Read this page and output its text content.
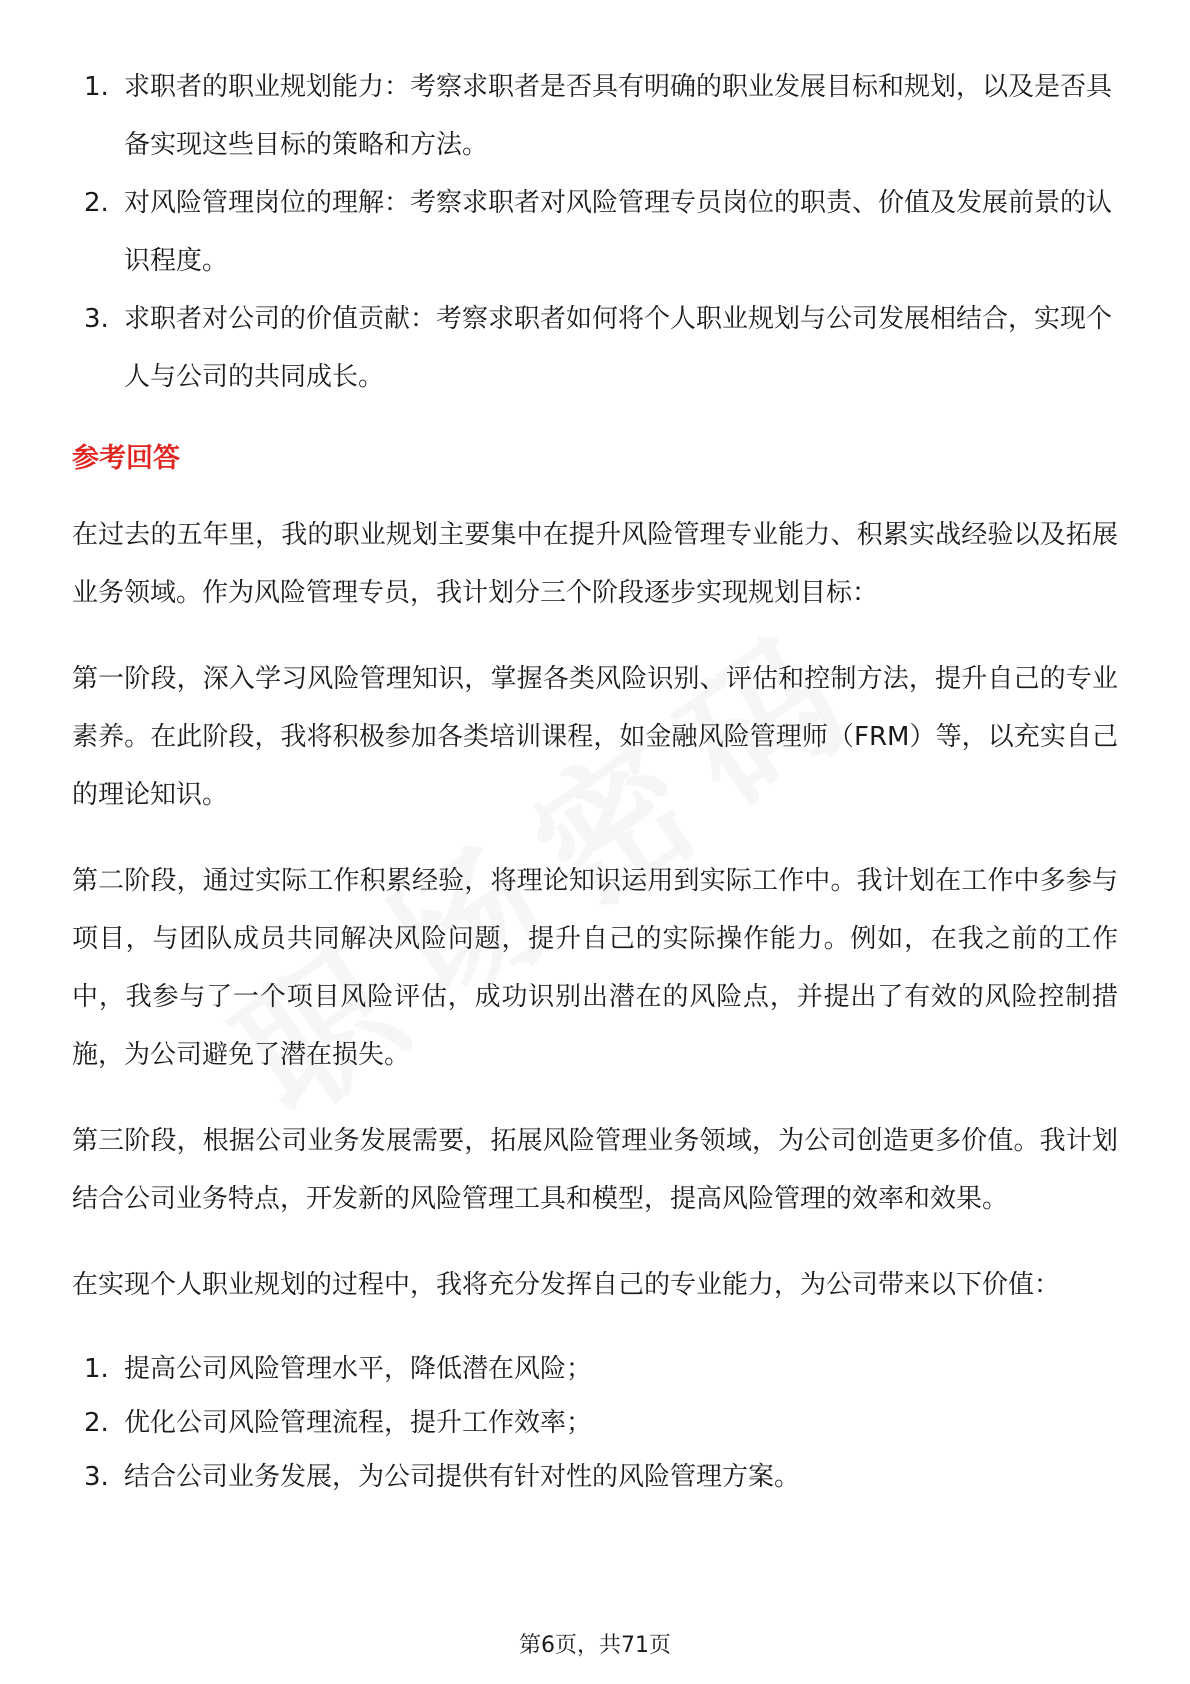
1. 求职者的职业规划能力：考察求职者是否具有明确的职业发展目标和规划，以及是否具备实现这些目标的策略和方法。
2. 对风险管理岗位的理解：考察求职者对风险管理专员岗位的职责、价值及发展前景的认识程度。
3. 求职者对公司的价值贡献：考察求职者如何将个人职业规划与公司发展相结合，实现个人与公司的共同成长。
参考回答

在过去的五年里，我的职业规划主要集中在提升风险管理专业能力、积累实战经验以及拓展业务领域。作为风险管理专员，我计划分三个阶段逐步实现规划目标：

第一阶段，深入学习风险管理知识，掌握各类风险识别、评估和控制方法，提升自己的专业素养。在此阶段，我将积极参加各类培训课程，如金融风险管理师（FRM）等，以充实自己的理论知识。

第二阶段，通过实际工作积累经验，将理论知识运用到实际工作中。我计划在工作中多参与项目，与团队成员共同解决风险问题，提升自己的实际操作能力。例如，在我之前的工作中，我参与了一个项目风险评估，成功识别出潜在的风险点，并提出了有效的风险控制措施，为公司避免了潜在损失。

第三阶段，根据公司业务发展需要，拓展风险管理业务领域，为公司创造更多价值。我计划结合公司业务特点，开发新的风险管理工具和模型，提高风险管理的效率和效果。

在实现个人职业规划的过程中，我将充分发挥自己的专业能力，为公司带来以下价值：

1. 提高公司风险管理水平，降低潜在风险；
2. 优化公司风险管理流程，提升工作效率；
3. 结合公司业务发展，为公司提供有针对性的风险管理方案。
第6页，共71页
